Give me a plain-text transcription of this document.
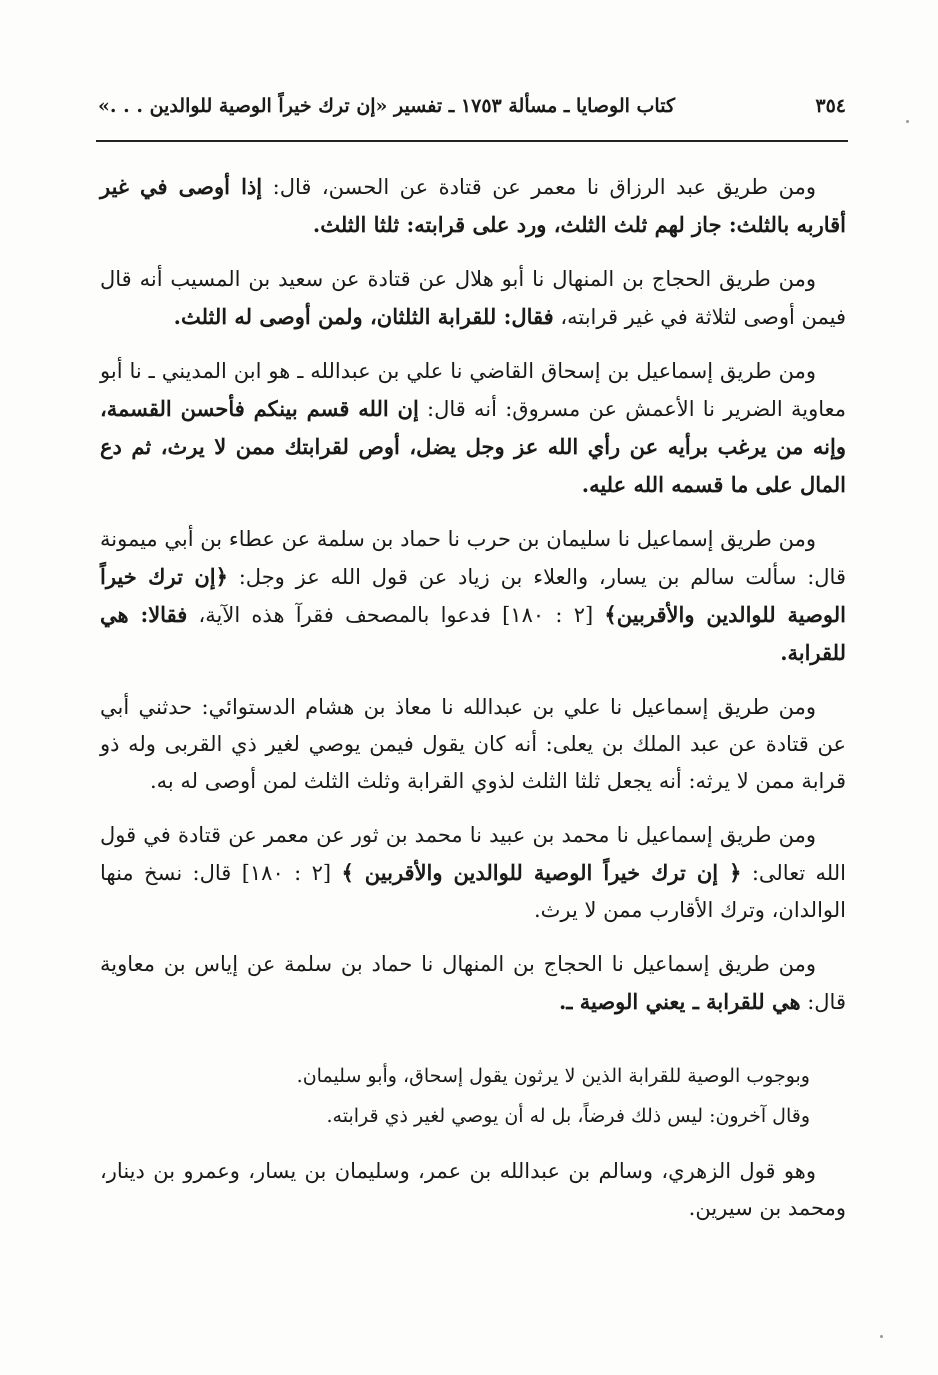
٣٥٤
كتاب الوصايا ـ مسألة ١٧٥٣ ـ تفسير «إن ترك خيراً الوصية للوالدين . . .»

ومن طريق عبد الرزاق نا معمر عن قتادة عن الحسن، قال: إذا أوصى في غير أقاربه بالثلث: جاز لهم ثلث الثلث، ورد على قرابته: ثلثا الثلث.

ومن طريق الحجاج بن المنهال نا أبو هلال عن قتادة عن سعيد بن المسيب أنه قال فيمن أوصى لثلاثة في غير قرابته، فقال: للقرابة الثلثان، ولمن أوصى له الثلث.

ومن طريق إسماعيل بن إسحاق القاضي نا علي بن عبدالله ـ هو ابن المديني ـ نا أبو معاوية الضرير نا الأعمش عن مسروق: أنه قال: إن الله قسم بينكم فأحسن القسمة، وإنه من يرغب برأيه عن رأي الله عز وجل يضل، أوص لقرابتك ممن لا يرث، ثم دع المال على ما قسمه الله عليه.

ومن طريق إسماعيل نا سليمان بن حرب نا حماد بن سلمة عن عطاء بن أبي ميمونة قال: سألت سالم بن يسار، والعلاء بن زياد عن قول الله عز وجل: ﴿إن ترك خيراً الوصية للوالدين والأقربين﴾ [٢ : ١٨٠] فدعوا بالمصحف فقرآ هذه الآية، فقالا: هي للقرابة.

ومن طريق إسماعيل نا علي بن عبدالله نا معاذ بن هشام الدستوائي: حدثني أبي عن قتادة عن عبد الملك بن يعلى: أنه كان يقول فيمن يوصي لغير ذي القربى وله ذو قرابة ممن لا يرثه: أنه يجعل ثلثا الثلث لذوي القرابة وثلث الثلث لمن أوصى له به.

ومن طريق إسماعيل نا محمد بن عبيد نا محمد بن ثور عن معمر عن قتادة في قول الله تعالى: ﴿ إن ترك خيراً الوصية للوالدين والأقربين ﴾ [٢ : ١٨٠] قال: نسخ منها الوالدان، وترك الأقارب ممن لا يرث.

ومن طريق إسماعيل نا الحجاج بن المنهال نا حماد بن سلمة عن إياس بن معاوية قال: هي للقرابة ـ يعني الوصية ـ.

وبوجوب الوصية للقرابة الذين لا يرثون يقول إسحاق، وأبو سليمان.

وقال آخرون: ليس ذلك فرضاً، بل له أن يوصي لغير ذي قرابته.

وهو قول الزهري، وسالم بن عبدالله بن عمر، وسليمان بن يسار، وعمرو بن دينار، ومحمد بن سيرين.
